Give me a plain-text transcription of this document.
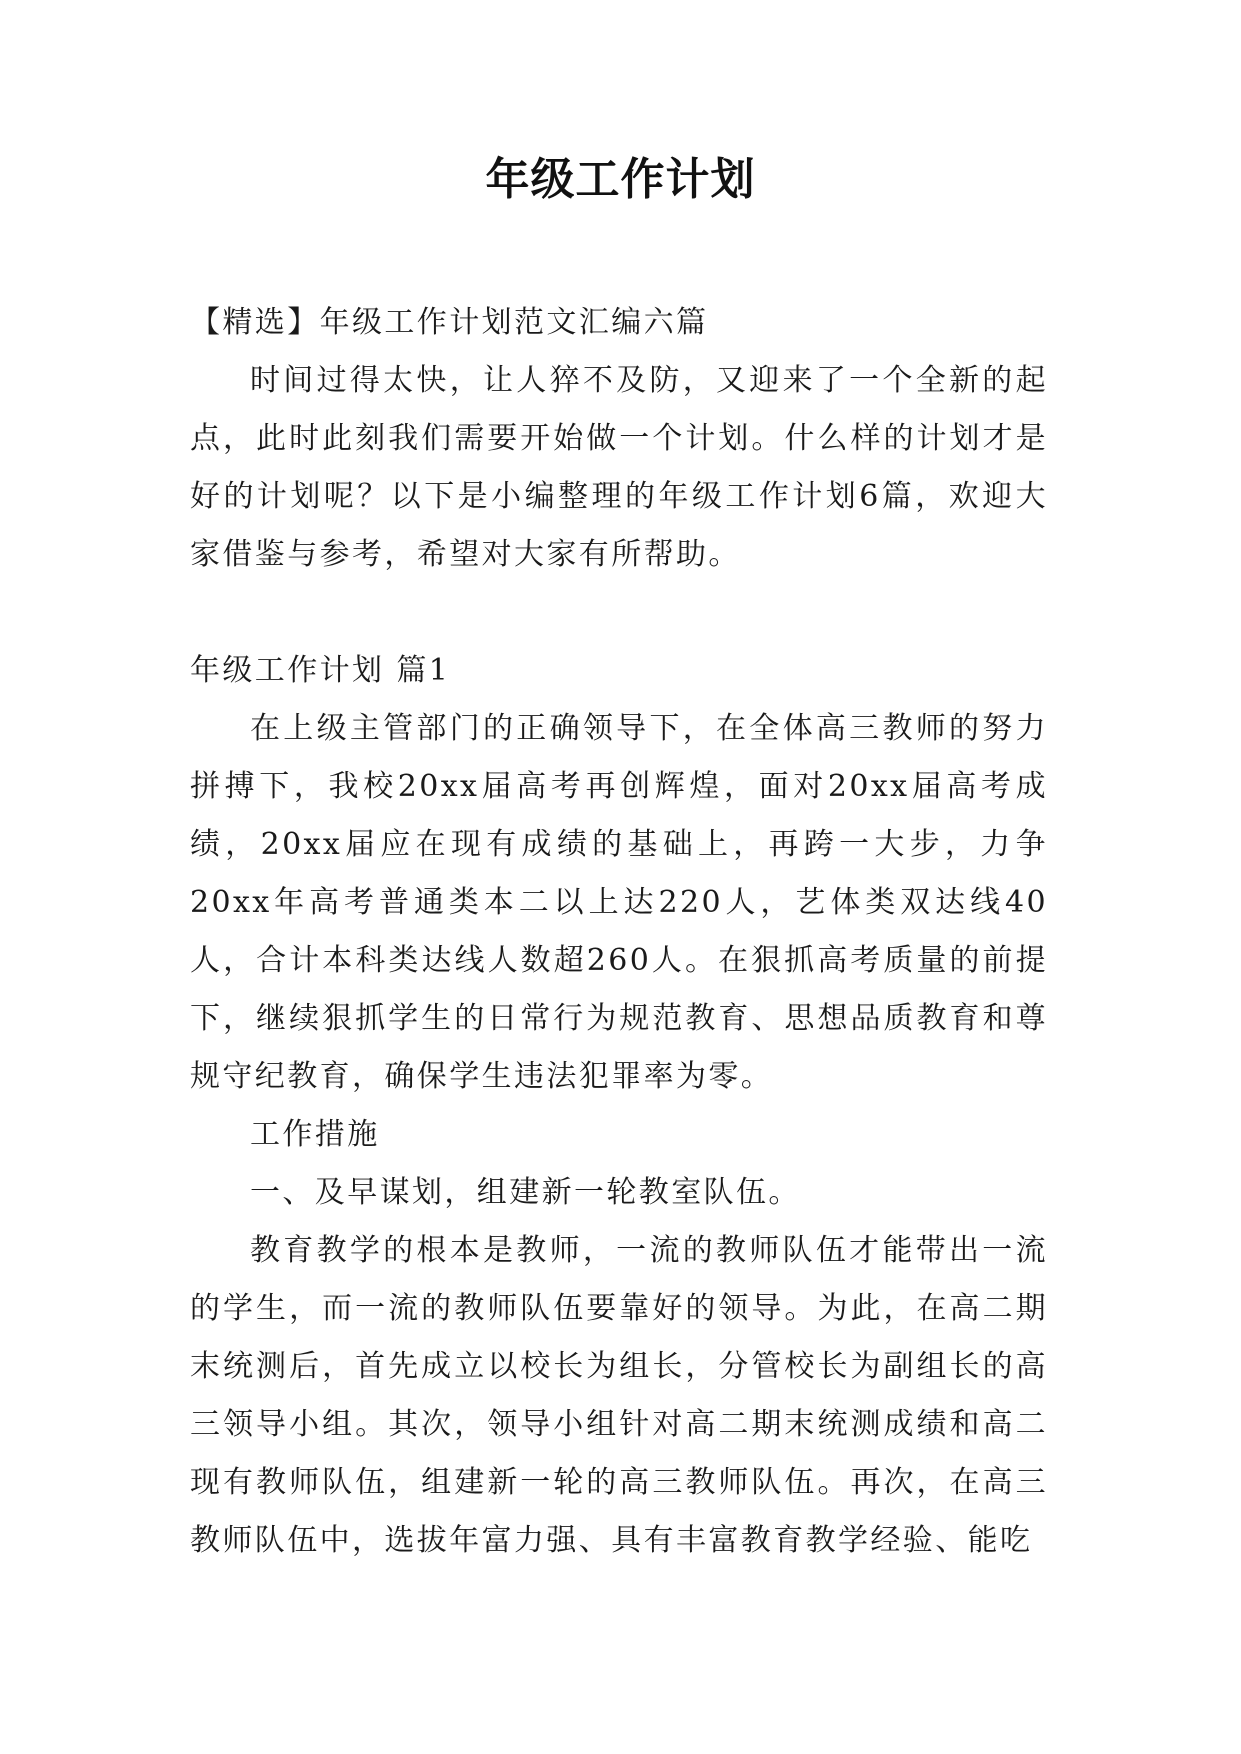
年级工作计划

【精选】年级工作计划范文汇编六篇

时间过得太快，让人猝不及防，又迎来了一个全新的起点，此时此刻我们需要开始做一个计划。什么样的计划才是好的计划呢？以下是小编整理的年级工作计划6篇，欢迎大家借鉴与参考，希望对大家有所帮助。

年级工作计划 篇1

在上级主管部门的正确领导下，在全体高三教师的努力拼搏下，我校20xx届高考再创辉煌，面对20xx届高考成绩，20xx届应在现有成绩的基础上，再跨一大步，力争20xx年高考普通类本二以上达220人，艺体类双达线40人，合计本科类达线人数超260人。在狠抓高考质量的前提下，继续狠抓学生的日常行为规范教育、思想品质教育和尊规守纪教育，确保学生违法犯罪率为零。

工作措施

一、及早谋划，组建新一轮教室队伍。

教育教学的根本是教师，一流的教师队伍才能带出一流的学生，而一流的教师队伍要靠好的领导。为此，在高二期末统测后，首先成立以校长为组长，分管校长为副组长的高三领导小组。其次，领导小组针对高二期末统测成绩和高二现有教师队伍，组建新一轮的高三教师队伍。再次，在高三教师队伍中，选拔年富力强、具有丰富教育教学经验、能吃
